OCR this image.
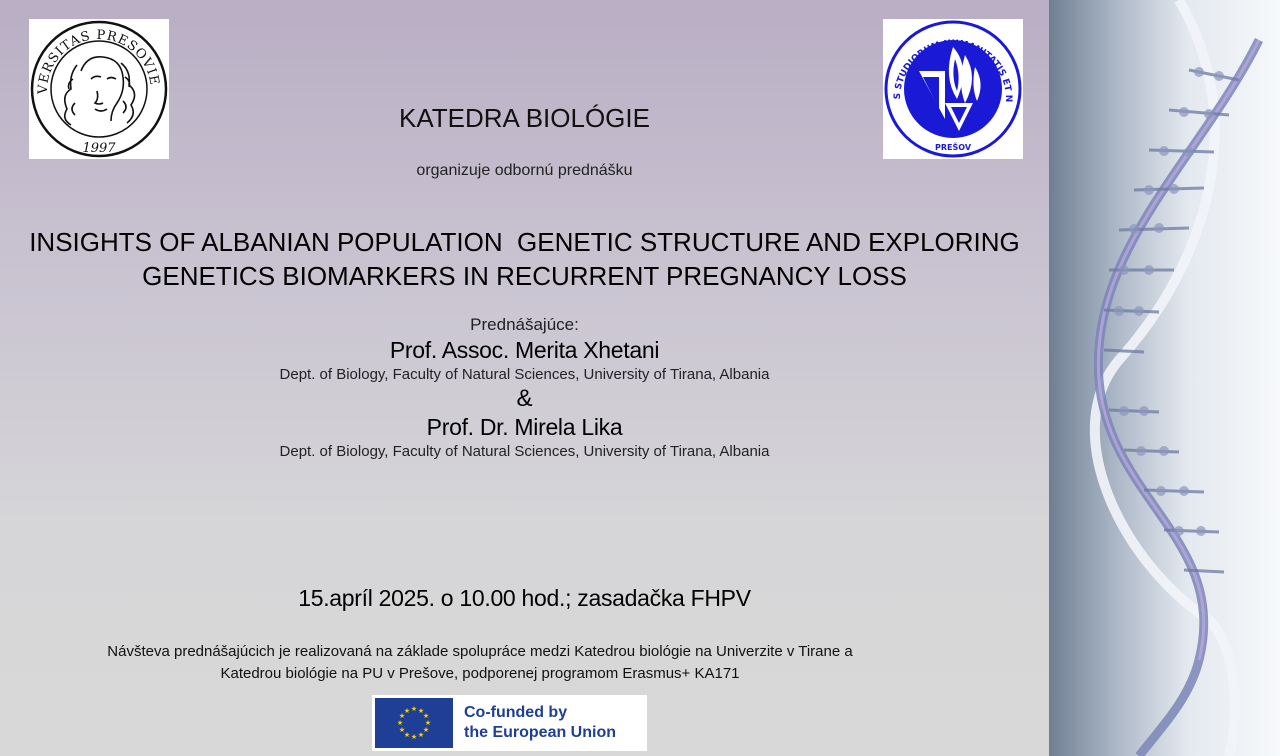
VERSITAS PRESOVIE
1997
S STUDIORUM HUMANITATIS ET N
PREŠOV
KATEDRA BIOLÓGIE
organizuje odbornú prednášku
INSIGHTS OF ALBANIAN POPULATION  GENETIC STRUCTURE AND EXPLORING
GENETICS BIOMARKERS IN RECURRENT PREGNANCY LOSS
Prednášajúce:
Prof. Assoc. Merita Xhetani
Dept. of Biology, Faculty of Natural Sciences, University of Tirana, Albania
&
Prof. Dr. Mirela Lika
Dept. of Biology, Faculty of Natural Sciences, University of Tirana, Albania
15.apríl 2025. o 10.00 hod.; zasadačka FHPV
Návšteva prednášajúcich je realizovaná na základe spolupráce medzi Katedrou biológie na Univerzite v Tirane a
Katedrou biológie na PU v Prešove, podporenej programom Erasmus+ KA171
★ ★
★
★
★
★
★
★
★
★
★
★	Co-funded by
the European Union
